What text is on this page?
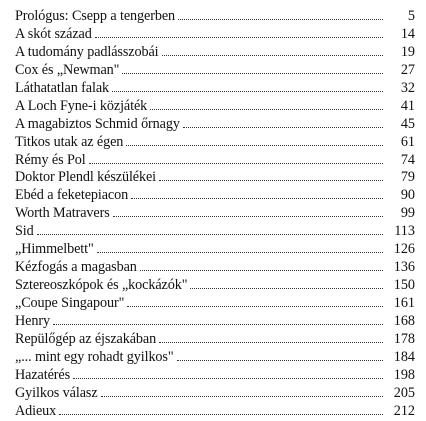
Prológus: Csepp a tengerben	5
A skót század	14
A tudomány padlásszobái	19
Cox és „Newman"	27
Láthatatlan falak	32
A Loch Fyne-i közjáték	41
A magabiztos Schmid őrnagy	45
Titkos utak az égen	61
Rémy és Pol	74
Doktor Plendl készülékei	79
Ebéd a feketepiacon	90
Worth Matravers	99
Sid	113
„Himmelbett"	126
Kézfogás a magasban	136
Sztereoszkópok és „kockázók"	150
„Coupe Singapour"	161
Henry	168
Repülőgép az éjszakában	178
„... mint egy rohadt gyilkos"	184
Hazatérés	198
Gyilkos válasz	205
Adieux	212
